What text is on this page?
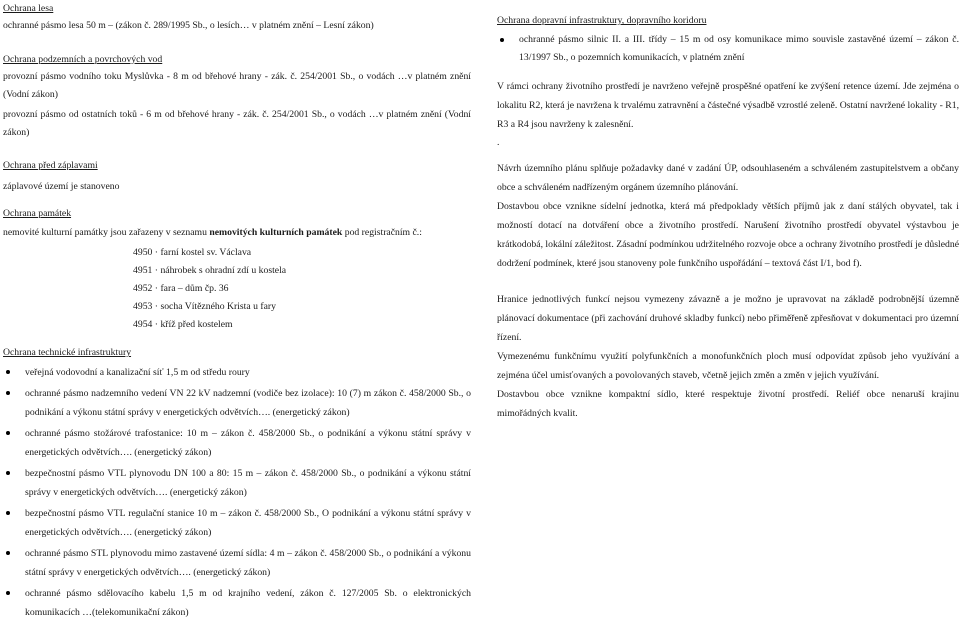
Ochrana lesa
ochranné pásmo lesa 50 m – (zákon č. 289/1995 Sb., o lesích… v platném znění – Lesní zákon)
Ochrana podzemních a povrchových vod
provozní pásmo vodního toku Myslůvka - 8 m od břehové hrany - zák. č. 254/2001 Sb., o vodách …v platném znění (Vodní zákon)
provozní pásmo od ostatních toků - 6 m od břehové hrany - zák. č. 254/2001 Sb., o vodách …v platném znění (Vodní zákon)
Ochrana před záplavami
záplavové území je stanoveno
Ochrana památek
nemovité kulturní památky jsou zařazeny v seznamu nemovitých kulturních památek pod registračním č.:
4950 · farní kostel sv. Václava
4951 · náhrobek s ohradní zdí u kostela
4952 · fara – dům čp. 36
4953 · socha Vítězného Krista u fary
4954 · kříž před kostelem
Ochrana technické infrastruktury
veřejná vodovodní a kanalizační síť 1,5 m od středu roury
ochranné pásmo nadzemního vedení VN 22 kV nadzemní (vodiče bez izolace): 10 (7) m zákon č. 458/2000 Sb., o podnikání a výkonu státní správy v energetických odvětvích…. (energetický zákon)
ochranné pásmo stožárové trafostanice: 10 m – zákon č. 458/2000 Sb., o podnikání a výkonu státní správy v energetických odvětvích…. (energetický zákon)
bezpečnostní pásmo VTL plynovodu DN 100 a 80: 15 m – zákon č. 458/2000 Sb., o podnikání a výkonu státní správy v energetických odvětvích…. (energetický zákon)
bezpečnostní pásmo VTL regulační stanice 10 m – zákon č. 458/2000 Sb., O podnikání a výkonu státní správy v energetických odvětvích…. (energetický zákon)
ochranné pásmo STL plynovodu mimo zastavené území sídla: 4 m – zákon č. 458/2000 Sb., o podnikání a výkonu státní správy v energetických odvětvích…. (energetický zákon)
ochranné pásmo sdělovacího kabelu 1,5 m od krajního vedení, zákon č. 127/2005 Sb. o elektronických komunikacích …(telekomunikační zákon)
Ochrana dopravní infrastruktury, dopravního koridoru
ochranné pásmo silnic II. a III. třídy – 15 m od osy komunikace mimo souvisle zastavěné území – zákon č. 13/1997 Sb., o pozemních komunikacích, v platném znění
V rámci ochrany životního prostředí je navrženo veřejně prospěšné opatření ke zvýšení retence území. Jde zejména o lokalitu R2, která je navržena k trvalému zatravnění a částečné výsadbě vzrostlé zeleně. Ostatní navržené lokality - R1, R3 a R4 jsou navrženy k zalesnění.
.
Návrh územního plánu splňuje požadavky dané v zadání ÚP, odsouhlaseném a schváleném zastupitelstvem a občany obce a schváleném nadřízeným orgánem územního plánování.
Dostavbou obce vznikne sídelní jednotka, která má předpoklady větších příjmů jak z daní stálých obyvatel, tak i možností dotací na dotváření obce a životního prostředí. Narušení životního prostředí obyvatel výstavbou je krátkodobá, lokální záležitost. Zásadní podmínkou udržitelného rozvoje obce a ochrany životního prostředí je důsledné dodržení podmínek, které jsou stanoveny pole funkčního uspořádání – textová část I/1, bod f).
Hranice jednotlivých funkcí nejsou vymezeny závazně a je možno je upravovat na základě podrobnější územně plánovací dokumentace (při zachování druhové skladby funkcí) nebo přiměřeně zpřesňovat v dokumentaci pro územní řízení.
Vymezenému funkčnímu využití polyfunkčních a monofunkčních ploch musí odpovídat způsob jeho využívání a zejména účel umisťovaných a povolovaných staveb, včetně jejich změn a změn v jejich využívání.
Dostavbou obce vznikne kompaktní sídlo, které respektuje životní prostředí. Reliéf obce nenaruší krajinu mimořádných kvalit.
